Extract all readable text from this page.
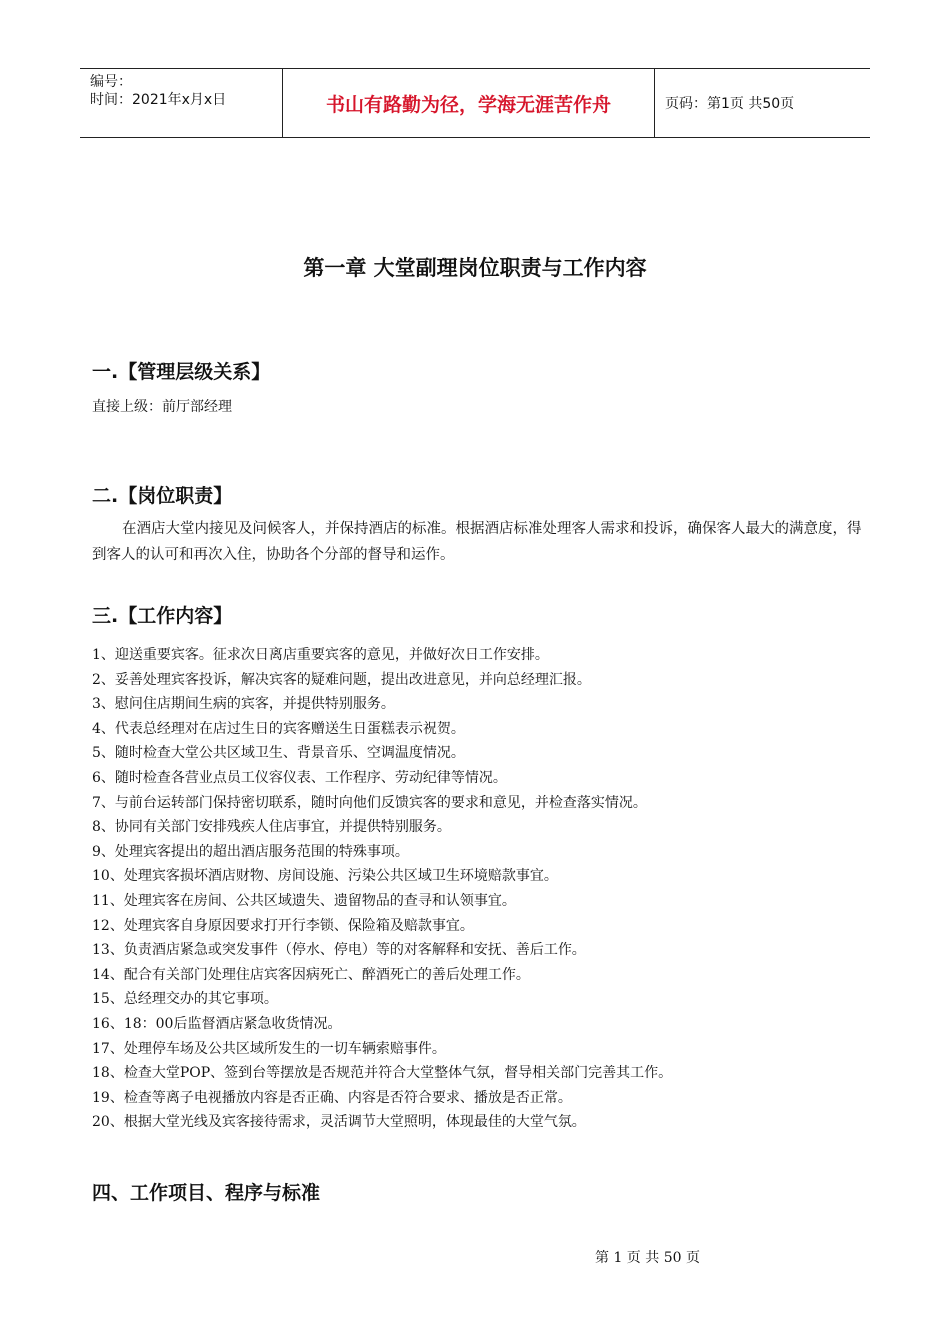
编号：
时间：2021年x月x日	书山有路勤为径，学海无涯苦作舟	页码：第1页 共50页
第一章 大堂副理岗位职责与工作内容
一.【管理层级关系】
直接上级：前厅部经理
二.【岗位职责】
在酒店大堂内接见及问候客人，并保持酒店的标准。根据酒店标准处理客人需求和投诉，确保客人最大的满意度，得到客人的认可和再次入住，协助各个分部的督导和运作。
三.【工作内容】
1、迎送重要宾客。征求次日离店重要宾客的意见，并做好次日工作安排。
2、妥善处理宾客投诉，解决宾客的疑难问题，提出改进意见，并向总经理汇报。
3、慰问住店期间生病的宾客，并提供特别服务。
4、代表总经理对在店过生日的宾客赠送生日蛋糕表示祝贺。
5、随时检查大堂公共区域卫生、背景音乐、空调温度情况。
6、随时检查各营业点员工仪容仪表、工作程序、劳动纪律等情况。
7、与前台运转部门保持密切联系，随时向他们反馈宾客的要求和意见，并检查落实情况。
8、协同有关部门安排残疾人住店事宜，并提供特别服务。
9、处理宾客提出的超出酒店服务范围的特殊事项。
10、处理宾客损坏酒店财物、房间设施、污染公共区域卫生环境赔款事宜。
11、处理宾客在房间、公共区域遗失、遗留物品的查寻和认领事宜。
12、处理宾客自身原因要求打开行李锁、保险箱及赔款事宜。
13、负责酒店紧急或突发事件（停水、停电）等的对客解释和安抚、善后工作。
14、配合有关部门处理住店宾客因病死亡、醉酒死亡的善后处理工作。
15、总经理交办的其它事项。
16、18：00后监督酒店紧急收货情况。
17、处理停车场及公共区域所发生的一切车辆索赔事件。
18、检查大堂POP、签到台等摆放是否规范并符合大堂整体气氛，督导相关部门完善其工作。
19、检查等离子电视播放内容是否正确、内容是否符合要求、播放是否正常。
20、根据大堂光线及宾客接待需求，灵活调节大堂照明，体现最佳的大堂气氛。
四、工作项目、程序与标准
第 1 页 共 50 页
